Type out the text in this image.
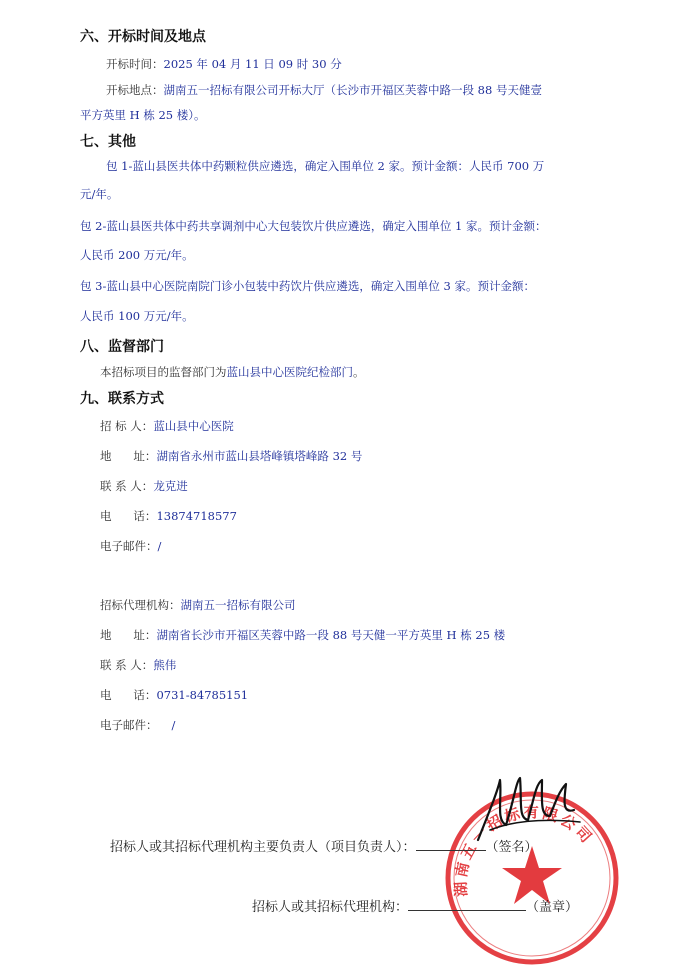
六、开标时间及地点
开标时间：2025 年 04 月 11 日 09 时 30 分
开标地点：湖南五一招标有限公司开标大厅（长沙市开福区芙蓉中路一段 88 号天健壹
平方英里 H 栋 25 楼）。
七、其他
包 1-蓝山县医共体中药颗粒供应遴选，确定入围单位 2 家。预计金额：人民币 700 万
元/年。
包 2-蓝山县医共体中药共享调剂中心大包装饮片供应遴选，确定入围单位 1 家。预计金额：
人民币 200 万元/年。
包 3-蓝山县中心医院南院门诊小包装中药饮片供应遴选，确定入围单位 3 家。预计金额：
人民币 100 万元/年。
八、监督部门
本招标项目的监督部门为蓝山县中心医院纪检部门。
九、联系方式
招 标 人：蓝山县中心医院
地      址：湖南省永州市蓝山县塔峰镇塔峰路 32 号
联 系 人：龙克进
电      话：13874718577
电子邮件：/
招标代理机构：湖南五一招标有限公司
地      址：湖南省长沙市开福区芙蓉中路一段 88 号天健一平方英里 H 栋 25 楼
联 系 人：熊伟
电      话：0731-84785151
电子邮件： /
湖南五一招标有限公司
招标人或其招标代理机构主要负责人（项目负责人）：	（签名）
招标人或其招标代理机构：	（盖章）
